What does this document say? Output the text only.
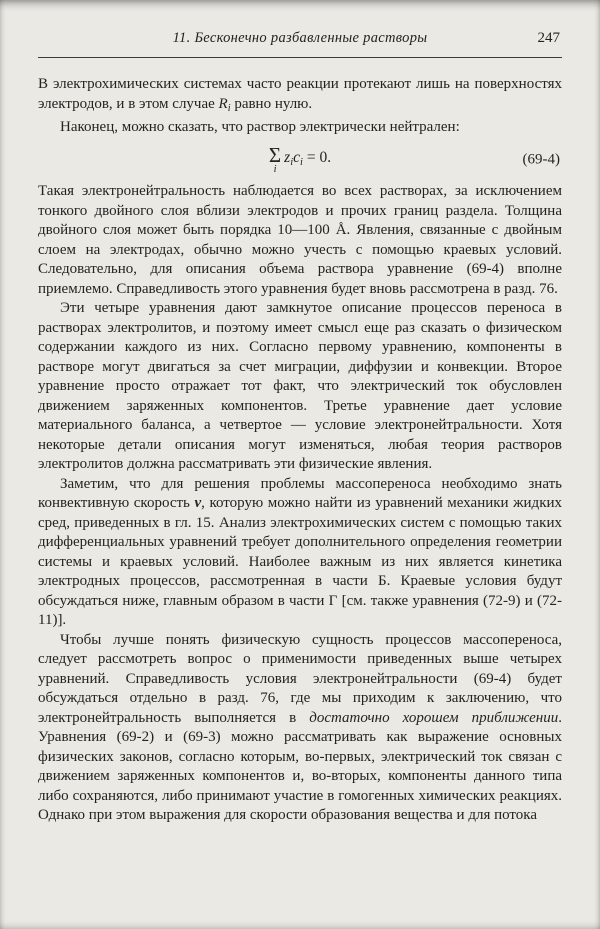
11. Бесконечно разбавленные растворы	247

В электрохимических системах часто реакции протекают лишь на поверхностях электродов, и в этом случае $R_i$ равно нулю.

Наконец, можно сказать, что раствор электрически нейтрален:

Σ
i
$z_ic_i = 0$.	(69-4)

Такая электронейтральность наблюдается во всех растворах, за исключением тонкого двойного слоя вблизи электродов и прочих границ раздела. Толщина двойного слоя может быть порядка 10—100 Å. Явления, связанные с двойным слоем на электродах, обычно можно учесть с помощью краевых условий. Следовательно, для описания объема раствора уравнение (69-4) вполне приемлемо. Справедливость этого уравнения будет вновь рассмотрена в разд. 76.

Эти четыре уравнения дают замкнутое описание процессов переноса в растворах электролитов, и поэтому имеет смысл еще раз сказать о физическом содержании каждого из них. Согласно первому уравнению, компоненты в растворе могут двигаться за счет миграции, диффузии и конвекции. Второе уравнение просто отражает тот факт, что электрический ток обусловлен движением заряженных компонентов. Третье уравнение дает условие материального баланса, а четвертое — условие электронейтральности. Хотя некоторые детали описания могут изменяться, любая теория растворов электролитов должна рассматривать эти физические явления.

Заметим, что для решения проблемы массопереноса необходимо знать конвективную скорость v, которую можно найти из уравнений механики жидких сред, приведенных в гл. 15. Анализ электрохимических систем с помощью таких дифференциальных уравнений требует дополнительного определения геометрии системы и краевых условий. Наиболее важным из них является кинетика электродных процессов, рассмотренная в части Б. Краевые условия будут обсуждаться ниже, главным образом в части Г [см. также уравнения (72-9) и (72-11)].

Чтобы лучше понять физическую сущность процессов массопереноса, следует рассмотреть вопрос о применимости приведенных выше четырех уравнений. Справедливость условия электронейтральности (69-4) будет обсуждаться отдельно в разд. 76, где мы приходим к заключению, что электронейтральность выполняется в достаточно хорошем приближении. Уравнения (69-2) и (69-3) можно рассматривать как выражение основных физических законов, согласно которым, во-первых, электрический ток связан с движением заряженных компонентов и, во-вторых, компоненты данного типа либо сохраняются, либо принимают участие в гомогенных химических реакциях. Однако при этом выражения для скорости образования вещества и для потока
